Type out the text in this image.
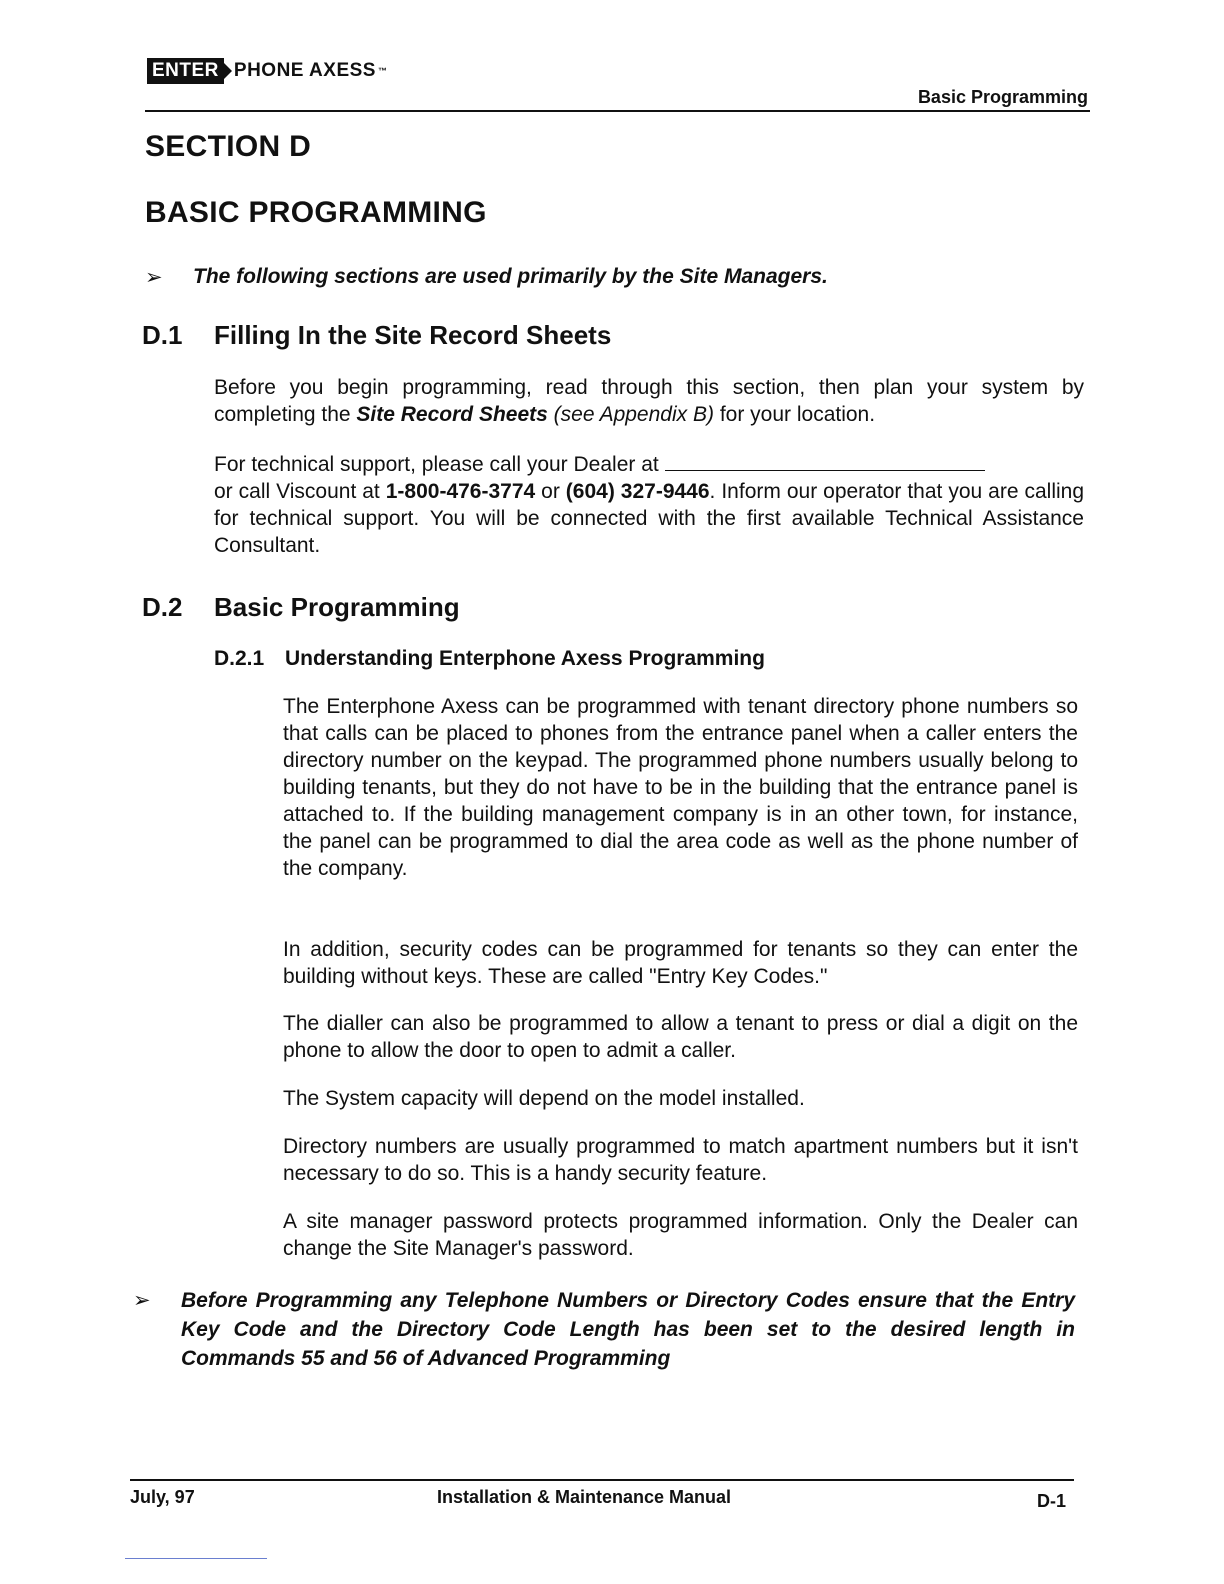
ENTER PHONE AXESS ™
Basic Programming
SECTION D
BASIC PROGRAMMING
➢ The following sections are used primarily by the Site Managers.
D.1 Filling In the Site Record Sheets
Before you begin programming, read through this section, then plan your system by completing the Site Record Sheets (see Appendix B) for your location.
For technical support, please call your Dealer at
or call Viscount at 1-800-476-3774 or (604) 327-9446. Inform our operator that you are calling for technical support. You will be connected with the first available Technical Assistance Consultant.
D.2 Basic Programming
D.2.1 Understanding Enterphone Axess Programming
The Enterphone Axess can be programmed with tenant directory phone numbers so that calls can be placed to phones from the entrance panel when a caller enters the directory number on the keypad. The programmed phone numbers usually belong to building tenants, but they do not have to be in the building that the entrance panel is attached to. If the building management company is in an other town, for instance, the panel can be programmed to dial the area code as well as the phone number of the company.
In addition, security codes can be programmed for tenants so they can enter the building without keys. These are called "Entry Key Codes."
The dialler can also be programmed to allow a tenant to press or dial a digit on the phone to allow the door to open to admit a caller.
The System capacity will depend on the model installed.
Directory numbers are usually programmed to match apartment numbers but it isn't necessary to do so. This is a handy security feature.
A site manager password protects programmed information. Only the Dealer can change the Site Manager's password.
➢	Before Programming any Telephone Numbers or Directory Codes ensure that the Entry Key Code and the Directory Code Length has been set to the desired length in Commands 55 and 56 of Advanced Programming
July, 97	Installation & Maintenance Manual	D-1
